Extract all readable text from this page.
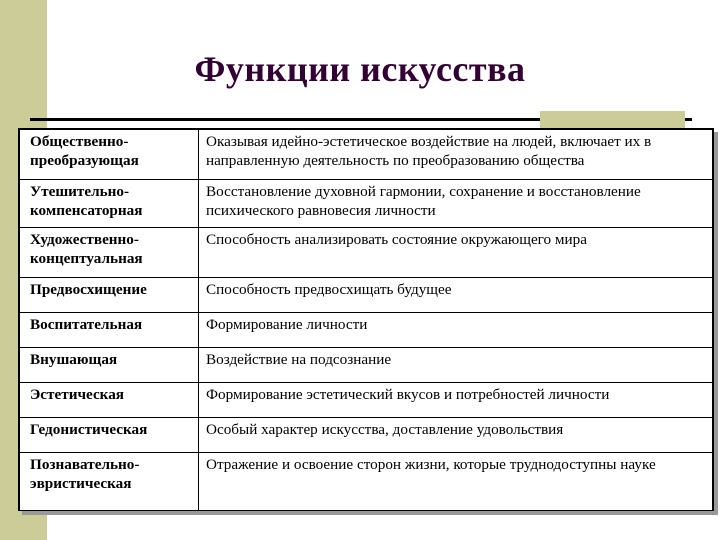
Функции искусства
Общественно-преобразующая	Оказывая идейно-эстетическое воздействие на людей, включает их в направленную деятельность по преобразованию общества
Утешительно-компенсаторная	Восстановление духовной гармонии, сохранение и восстановление психического равновесия личности
Художественно-концептуальная	Способность анализировать состояние окружающего мира
Предвосхищение	Способность предвосхищать будущее
Воспитательная	Формирование личности
Внушающая	Воздействие на подсознание
Эстетическая	Формирование эстетический вкусов и потребностей личности
Гедонистическая	Особый характер искусства, доставление удовольствия
Познавательно-эвристическая	Отражение и освоение сторон жизни, которые труднодоступны науке
